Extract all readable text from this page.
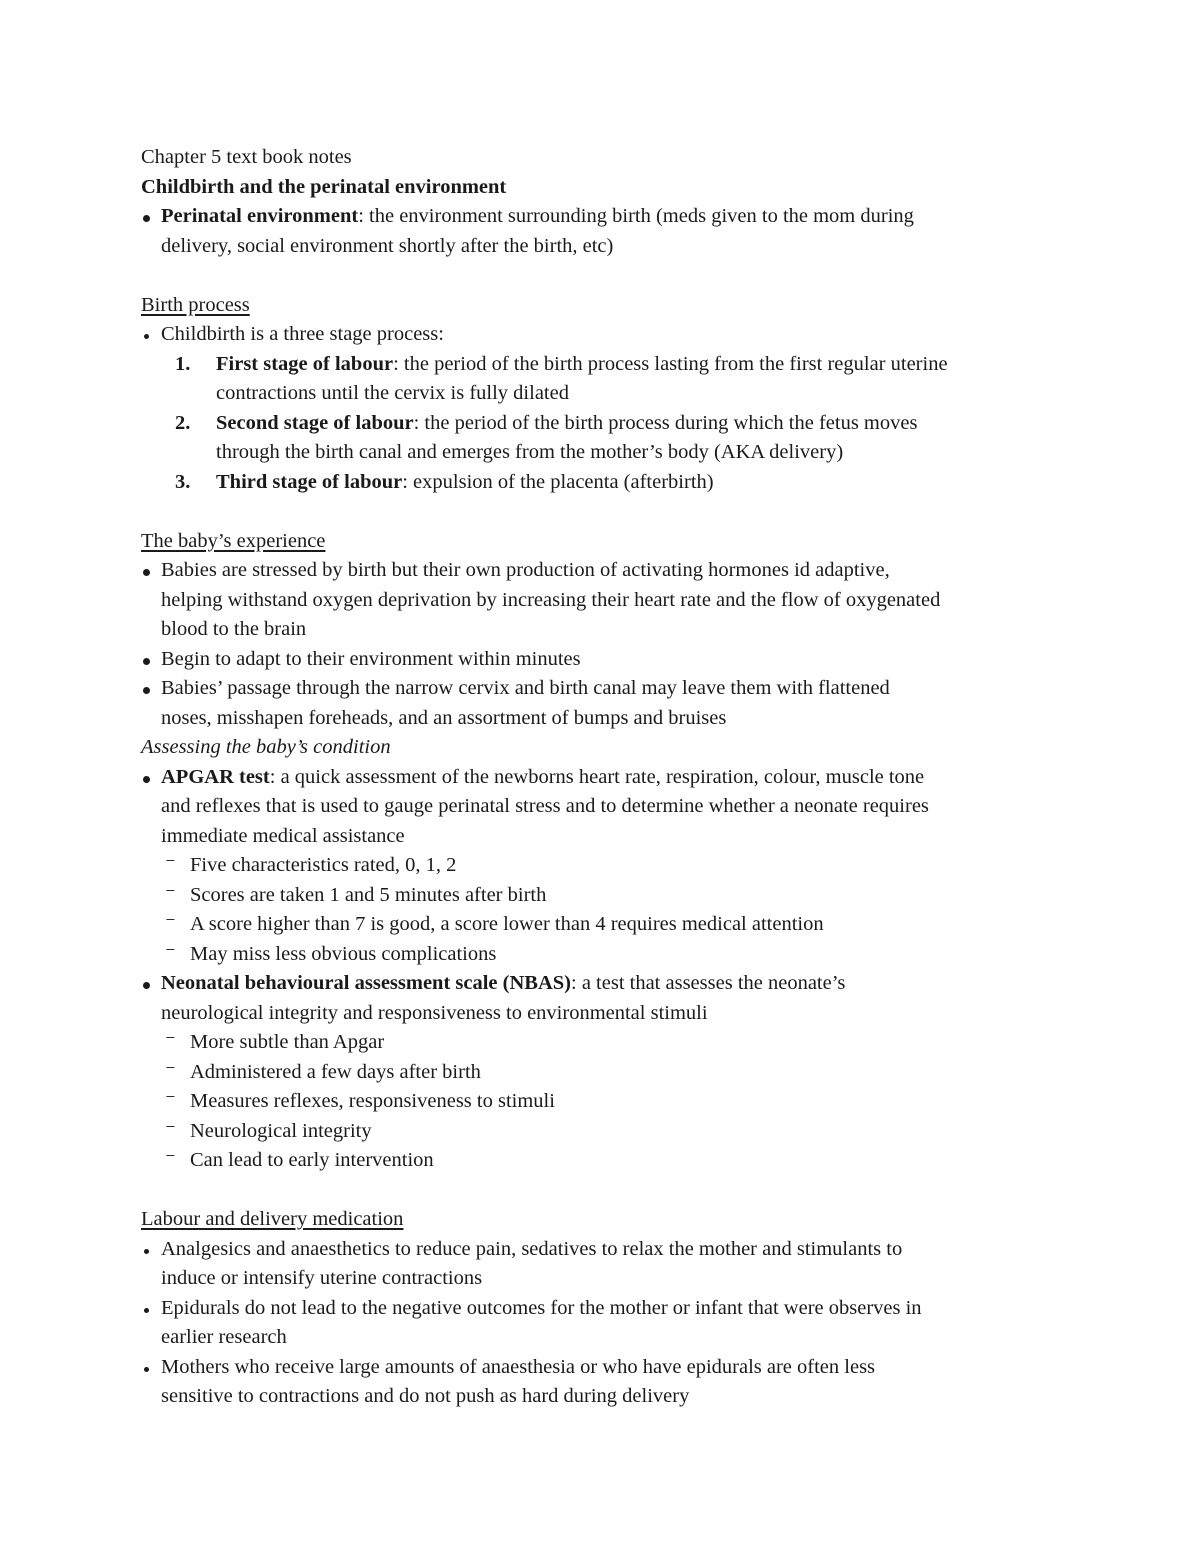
Chapter 5 text book notes

Childbirth and the perinatal environment

Perinatal environment: the environment surrounding birth (meds given to the mom during

delivery, social environment shortly after the birth, etc)

Birth process

Childbirth is a three stage process:

1. First stage of labour: the period of the birth process lasting from the first regular uterine

contractions until the cervix is fully dilated

2. Second stage of labour: the period of the birth process during which the fetus moves

through the birth canal and emerges from the mother’s body (AKA delivery)

3. Third stage of labour: expulsion of the placenta (afterbirth)

The baby’s experience

Babies are stressed by birth but their own production of activating hormones id adaptive,

helping withstand oxygen deprivation by increasing their heart rate and the flow of oxygenated

blood to the brain

Begin to adapt to their environment within minutes

Babies’ passage through the narrow cervix and birth canal may leave them with flattened

noses, misshapen foreheads, and an assortment of bumps and bruises

Assessing the baby’s condition

APGAR test: a quick assessment of the newborns heart rate, respiration, colour, muscle tone

and reflexes that is used to gauge perinatal stress and to determine whether a neonate requires

immediate medical assistance

⁻ Five characteristics rated, 0, 1, 2

⁻ Scores are taken 1 and 5 minutes after birth

⁻ A score higher than 7 is good, a score lower than 4 requires medical attention

⁻ May miss less obvious complications

Neonatal behavioural assessment scale (NBAS): a test that assesses the neonate’s

neurological integrity and responsiveness to environmental stimuli

⁻ More subtle than Apgar

⁻ Administered a few days after birth

⁻ Measures reflexes, responsiveness to stimuli

⁻ Neurological integrity

⁻ Can lead to early intervention

Labour and delivery medication

Analgesics and anaesthetics to reduce pain, sedatives to relax the mother and stimulants to

induce or intensify uterine contractions

Epidurals do not lead to the negative outcomes for the mother or infant that were observes in

earlier research

Mothers who receive large amounts of anaesthesia or who have epidurals are often less

sensitive to contractions and do not push as hard during delivery
